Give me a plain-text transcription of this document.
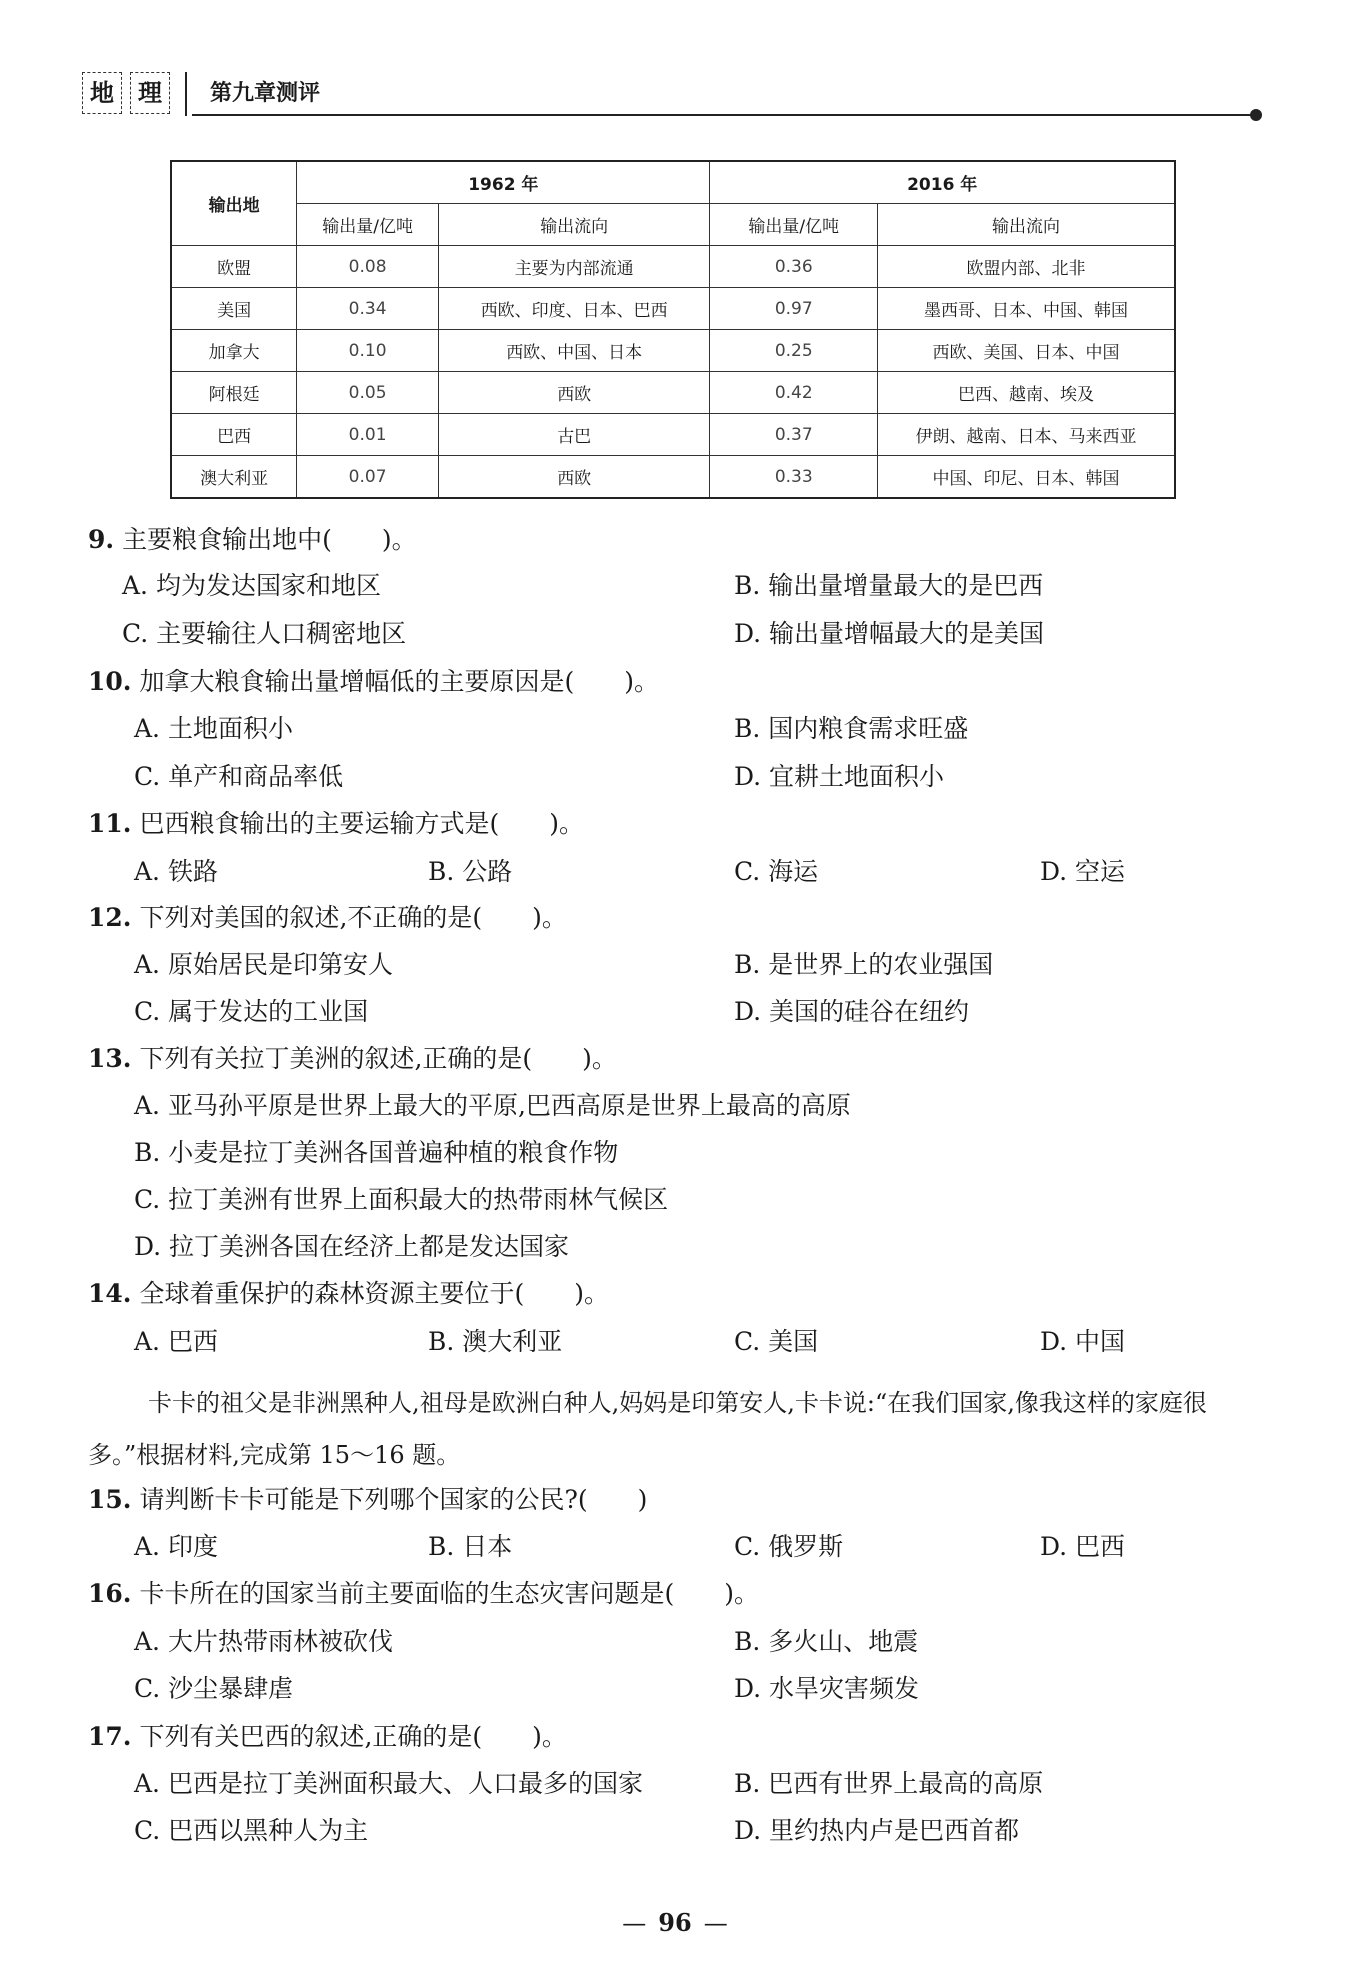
地	理	第九章测评
输出地	1962 年		2016 年	
	输出量/亿吨	输出流向	输出量/亿吨	输出流向
欧盟	0.08	主要为内部流通	0.36	欧盟内部、北非
美国	0.34	西欧、印度、日本、巴西	0.97	墨西哥、日本、中国、韩国
加拿大	0.10	西欧、中国、日本	0.25	西欧、美国、日本、中国
阿根廷	0.05	西欧	0.42	巴西、越南、埃及
巴西	0.01	古巴	0.37	伊朗、越南、日本、马来西亚
澳大利亚	0.07	西欧	0.33	中国、印尼、日本、韩国
9. 主要粮食输出地中(　　)。
A. 均为发达国家和地区	B. 输出量增量最大的是巴西
C. 主要输往人口稠密地区	D. 输出量增幅最大的是美国
10. 加拿大粮食输出量增幅低的主要原因是(　　)。
A. 土地面积小	B. 国内粮食需求旺盛
C. 单产和商品率低	D. 宜耕土地面积小
11. 巴西粮食输出的主要运输方式是(　　)。
A. 铁路	B. 公路	C. 海运	D. 空运
12. 下列对美国的叙述,不正确的是(　　)。
A. 原始居民是印第安人	B. 是世界上的农业强国
C. 属于发达的工业国	D. 美国的硅谷在纽约
13. 下列有关拉丁美洲的叙述,正确的是(　　)。
A. 亚马孙平原是世界上最大的平原,巴西高原是世界上最高的高原
B. 小麦是拉丁美洲各国普遍种植的粮食作物
C. 拉丁美洲有世界上面积最大的热带雨林气候区
D. 拉丁美洲各国在经济上都是发达国家
14. 全球着重保护的森林资源主要位于(　　)。
A. 巴西	B. 澳大利亚	C. 美国	D. 中国
卡卡的祖父是非洲黑种人,祖母是欧洲白种人,妈妈是印第安人,卡卡说:“在我们国家,像我这样的家庭很多。”根据材料,完成第 15～16 题。
15. 请判断卡卡可能是下列哪个国家的公民?(　　)
A. 印度	B. 日本	C. 俄罗斯	D. 巴西
16. 卡卡所在的国家当前主要面临的生态灾害问题是(　　)。
A. 大片热带雨林被砍伐	B. 多火山、地震
C. 沙尘暴肆虐	D. 水旱灾害频发
17. 下列有关巴西的叙述,正确的是(　　)。
A. 巴西是拉丁美洲面积最大、人口最多的国家	B. 巴西有世界上最高的高原
C. 巴西以黑种人为主	D. 里约热内卢是巴西首都
— 96 —
